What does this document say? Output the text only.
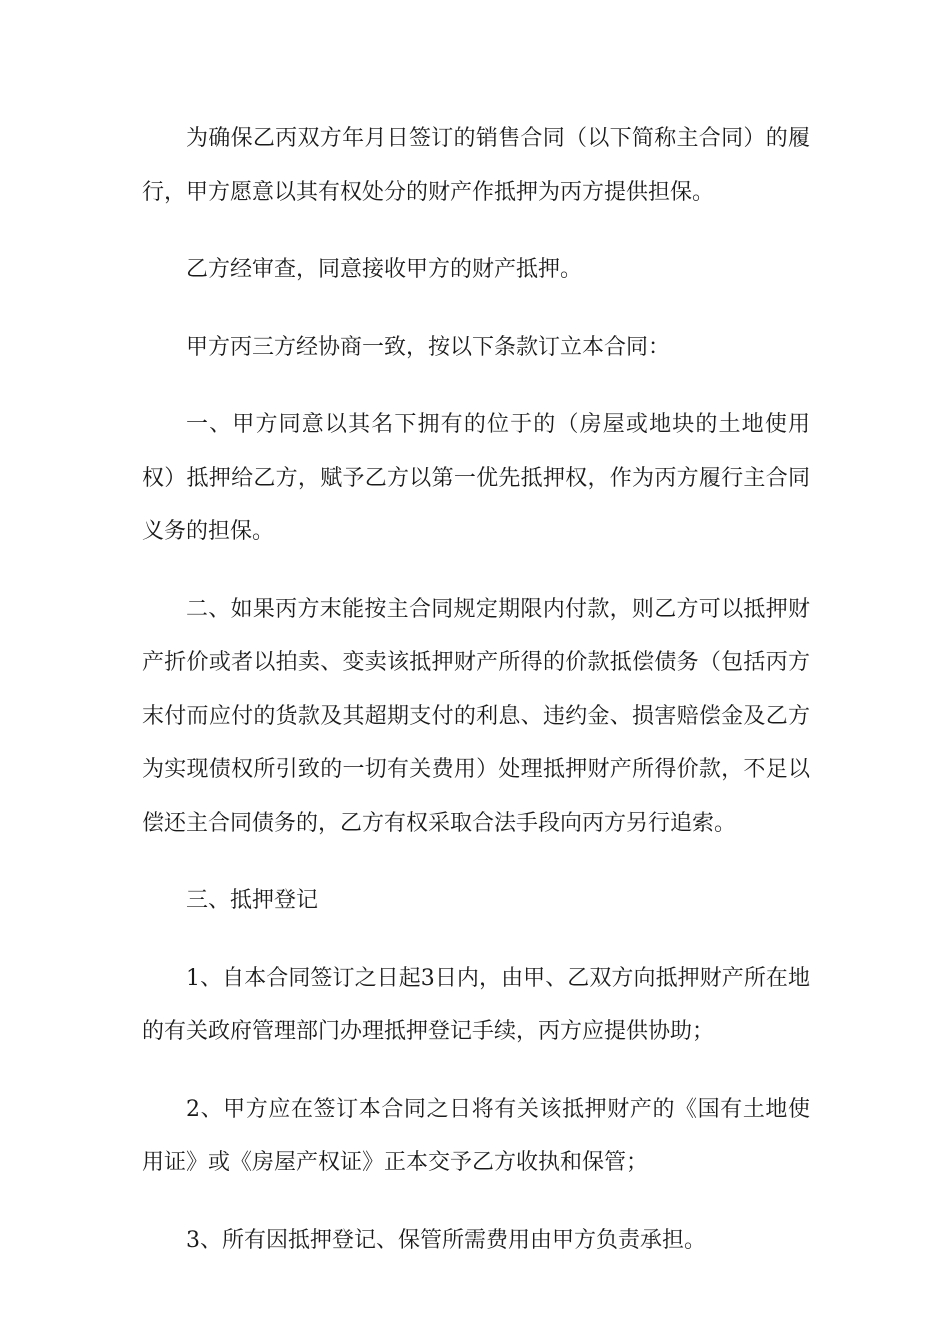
为确保乙丙双方年月日签订的销售合同（以下简称主合同）的履行，甲方愿意以其有权处分的财产作抵押为丙方提供担保。

乙方经审查，同意接收甲方的财产抵押。

甲方丙三方经协商一致，按以下条款订立本合同：

一、甲方同意以其名下拥有的位于的（房屋或地块的土地使用权）抵押给乙方，赋予乙方以第一优先抵押权，作为丙方履行主合同义务的担保。

二、如果丙方末能按主合同规定期限内付款，则乙方可以抵押财产折价或者以拍卖、变卖该抵押财产所得的价款抵偿债务（包括丙方末付而应付的货款及其超期支付的利息、违约金、损害赔偿金及乙方为实现债权所引致的一切有关费用）处理抵押财产所得价款，不足以偿还主合同债务的，乙方有权采取合法手段向丙方另行追索。

三、抵押登记

1、自本合同签订之日起3日内，由甲、乙双方向抵押财产所在地的有关政府管理部门办理抵押登记手续，丙方应提供协助；

2、甲方应在签订本合同之日将有关该抵押财产的《国有土地使用证》或《房屋产权证》正本交予乙方收执和保管；

3、所有因抵押登记、保管所需费用由甲方负责承担。
